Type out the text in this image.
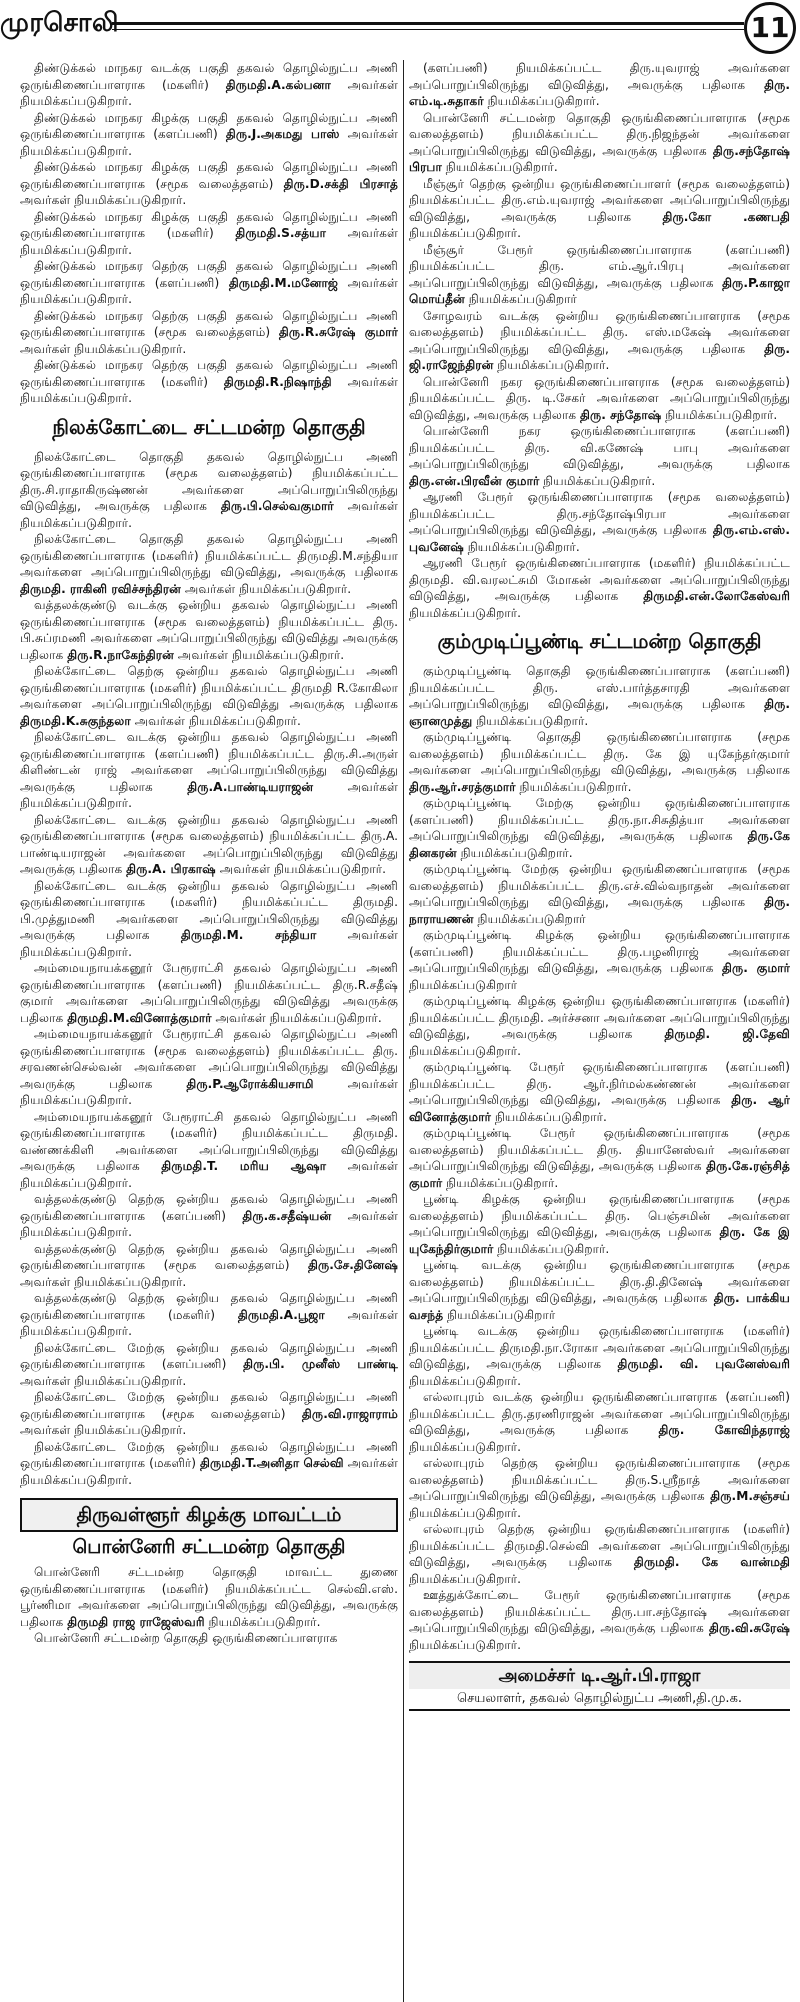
முரசொலி	11

திண்டுக்கல் மாநகர வடக்கு பகுதி தகவல் தொழில்நுட்ப அணி ஒருங்கிணைப்பாளராக (மகளிர்) திருமதி.A.கல்பனா அவர்கள் நியமிக்கப்படுகிறார்.

திண்டுக்கல் மாநகர கிழக்கு பகுதி தகவல் தொழில்நுட்ப அணி ஒருங்கிணைப்பாளராக (களப்பணி) திரு.J.அகமது பாஸ் அவர்கள் நியமிக்கப்படுகிறார்.

திண்டுக்கல் மாநகர கிழக்கு பகுதி தகவல் தொழில்நுட்ப அணி ஒருங்கிணைப்பாளராக (சமூக வலைத்தளம்) திரு.D.சக்தி பிரசாத் அவர்கள் நியமிக்கப்படுகிறார்.

திண்டுக்கல் மாநகர கிழக்கு பகுதி தகவல் தொழில்நுட்ப அணி ஒருங்கிணைப்பாளராக (மகளிர்) திருமதி.S.சத்யா அவர்கள் நியமிக்கப்படுகிறார்.

திண்டுக்கல் மாநகர தெற்கு பகுதி தகவல் தொழில்நுட்ப அணி ஒருங்கிணைப்பாளராக (களப்பணி) திருமதி.M.மனோஜ் அவர்கள் நியமிக்கப்படுகிறார்.

திண்டுக்கல் மாநகர தெற்கு பகுதி தகவல் தொழில்நுட்ப அணி ஒருங்கிணைப்பாளராக (சமூக வலைத்தளம்) திரு.R.சுரேஷ் குமார் அவர்கள் நியமிக்கப்படுகிறார்.

திண்டுக்கல் மாநகர தெற்கு பகுதி தகவல் தொழில்நுட்ப அணி ஒருங்கிணைப்பாளராக (மகளிர்) திருமதி.R.நிஷாந்தி அவர்கள் நியமிக்கப்படுகிறார்.

நிலக்கோட்டை சட்டமன்ற தொகுதி

நிலக்கோட்டை தொகுதி தகவல் தொழில்நுட்ப அணி ஒருங்கிணைப்பாளராக (சமூக வலைத்தளம்) நியமிக்கப்பட்ட திரு.சி.ராதாகிருஷ்ணன் அவர்களை அப்பொறுப்பிலிருந்து விடுவித்து, அவருக்கு பதிலாக திரு.பி.செல்வகுமார் அவர்கள் நியமிக்கப்படுகிறார்.

நிலக்கோட்டை தொகுதி தகவல் தொழில்நுட்ப அணி ஒருங்கிணைப்பாளராக (மகளிர்) நியமிக்கப்பட்ட திருமதி.M.சந்தியா அவர்களை அப்பொறுப்பிலிருந்து விடுவித்து, அவருக்கு பதிலாக திருமதி. ராகினி ரவிச்சந்திரன் அவர்கள் நியமிக்கப்படுகிறார்.

வத்தலக்குண்டு வடக்கு ஒன்றிய தகவல் தொழில்நுட்ப அணி ஒருங்கிணைப்பாளராக (சமூக வலைத்தளம்) நியமிக்கப்பட்ட திரு. பி.சுப்ரமணி அவர்களை அப்பொறுப்பிலிருந்து விடுவித்து அவருக்கு பதிலாக திரு.R.நாகேந்திரன் அவர்கள் நியமிக்கப்படுகிறார்.

நிலக்கோட்டை தெற்கு ஒன்றிய தகவல் தொழில்நுட்ப அணி ஒருங்கிணைப்பாளராக (மகளிர்) நியமிக்கப்பட்ட திருமதி R.கோகிலா அவர்களை அப்பொறுப்பிலிருந்து விடுவித்து அவருக்கு பதிலாக திருமதி.K.சுகுந்தலா அவர்கள் நியமிக்கப்படுகிறார்.

நிலக்கோட்டை வடக்கு ஒன்றிய தகவல் தொழில்நுட்ப அணி ஒருங்கிணைப்பாளராக (களப்பணி) நியமிக்கப்பட்ட திரு.சி.அருள் கிளிண்டன் ராஜ் அவர்களை அப்பொறுப்பிலிருந்து விடுவித்து அவருக்கு பதிலாக திரு.A.பாண்டியராஜன் அவர்கள் நியமிக்கப்படுகிறார்.

நிலக்கோட்டை வடக்கு ஒன்றிய தகவல் தொழில்நுட்ப அணி ஒருங்கிணைப்பாளராக (சமூக வலைத்தளம்) நியமிக்கப்பட்ட திரு.A. பாண்டியராஜன் அவர்களை அப்பொறுப்பிலிருந்து விடுவித்து அவருக்கு பதிலாக திரு.A. பிரகாஷ் அவர்கள் நியமிக்கப்படுகிறார்.

நிலக்கோட்டை வடக்கு ஒன்றிய தகவல் தொழில்நுட்ப அணி ஒருங்கிணைப்பாளராக (மகளிர்) நியமிக்கப்பட்ட திருமதி. பி.முத்துமணி அவர்களை அப்பொறுப்பிலிருந்து விடுவித்து அவருக்கு பதிலாக திருமதி.M. சந்தியா அவர்கள் நியமிக்கப்படுகிறார்.

அம்மையநாயக்கனூர் பேரூராட்சி தகவல் தொழில்நுட்ப அணி ஒருங்கிணைப்பாளராக (களப்பணி) நியமிக்கப்பட்ட திரு.R.சதீஷ் குமார் அவர்களை அப்பொறுப்பிலிருந்து விடுவித்து அவருக்கு பதிலாக திருமதி.M.வினோத்குமார் அவர்கள் நியமிக்கப்படுகிறார்.

அம்மையநாயக்கனூர் பேரூராட்சி தகவல் தொழில்நுட்ப அணி ஒருங்கிணைப்பாளராக (சமூக வலைத்தளம்) நியமிக்கப்பட்ட திரு. சரவணன்செல்வன் அவர்களை அப்பொறுப்பிலிருந்து விடுவித்து அவருக்கு பதிலாக திரு.P.ஆரோக்கியசாமி அவர்கள் நியமிக்கப்படுகிறார்.

அம்மையநாயக்கனூர் பேரூராட்சி தகவல் தொழில்நுட்ப அணி ஒருங்கிணைப்பாளராக (மகளிர்) நியமிக்கப்பட்ட திருமதி. வண்ணக்கிளி அவர்களை அப்பொறுப்பிலிருந்து விடுவித்து அவருக்கு பதிலாக திருமதி.T. மரிய ஆஷா அவர்கள் நியமிக்கப்படுகிறார்.

வத்தலக்குண்டு தெற்கு ஒன்றிய தகவல் தொழில்நுட்ப அணி ஒருங்கிணைப்பாளராக (களப்பணி) திரு.க.சதீஷ்யன் அவர்கள் நியமிக்கப்படுகிறார்.

வத்தலக்குண்டு தெற்கு ஒன்றிய தகவல் தொழில்நுட்ப அணி ஒருங்கிணைப்பாளராக (சமூக வலைத்தளம்) திரு.சே.தினேஷ் அவர்கள் நியமிக்கப்படுகிறார்.

வத்தலக்குண்டு தெற்கு ஒன்றிய தகவல் தொழில்நுட்ப அணி ஒருங்கிணைப்பாளராக (மகளிர்) திருமதி.A.பூஜா அவர்கள் நியமிக்கப்படுகிறார்.

நிலக்கோட்டை மேற்கு ஒன்றிய தகவல் தொழில்நுட்ப அணி ஒருங்கிணைப்பாளராக (களப்பணி) திரு.பி. முனீஸ் பாண்டி அவர்கள் நியமிக்கப்படுகிறார்.

நிலக்கோட்டை மேற்கு ஒன்றிய தகவல் தொழில்நுட்ப அணி ஒருங்கிணைப்பாளராக (சமூக வலைத்தளம்) திரு.வி.ராஜாராம் அவர்கள் நியமிக்கப்படுகிறார்.

நிலக்கோட்டை மேற்கு ஒன்றிய தகவல் தொழில்நுட்ப அணி ஒருங்கிணைப்பாளராக (மகளிர்) திருமதி.T.அனிதா செல்வி அவர்கள் நியமிக்கப்படுகிறார்.

திருவள்ளூர் கிழக்கு மாவட்டம்
பொன்னேரி சட்டமன்ற தொகுதி

பொன்னேரி சட்டமன்ற தொகுதி மாவட்ட துணை ஒருங்கிணைப்பாளராக (மகளிர்) நியமிக்கப்பட்ட செல்வி.எஸ். பூர்ணிமா அவர்களை அப்பொறுப்பிலிருந்து விடுவித்து, அவருக்கு பதிலாக திருமதி ராஜ ராஜேஸ்வரி நியமிக்கப்படுகிறார்.

பொன்னேரி சட்டமன்ற தொகுதி ஒருங்கிணைப்பாளராக

(களப்பணி) நியமிக்கப்பட்ட திரு.யுவராஜ் அவர்களை அப்பொறுப்பிலிருந்து விடுவித்து, அவருக்கு பதிலாக திரு. எம்.டி.சுதாகர் நியமிக்கப்படுகிறார்.

பொன்னேரி சட்டமன்ற தொகுதி ஒருங்கிணைப்பாளராக (சமூக வலைத்தளம்) நியமிக்கப்பட்ட திரு.நிஜந்தன் அவர்களை அப்பொறுப்பிலிருந்து விடுவித்து, அவருக்கு பதிலாக திரு.சந்தோஷ் பிரபா நியமிக்கப்படுகிறார்.

மீஞ்சூர் தெற்கு ஒன்றிய ஒருங்கிணைப்பாளர் (சமூக வலைத்தளம்) நியமிக்கப்பட்ட திரு.எம்.யுவராஜ் அவர்களை அப்பொறுப்பிலிருந்து விடுவித்து, அவருக்கு பதிலாக திரு.கோ .கணபதி நியமிக்கப்படுகிறார்.

மீஞ்சூர் பேரூர் ஒருங்கிணைப்பாளராக (களப்பணி) நியமிக்கப்பட்ட திரு. எம்.ஆர்.பிரபு அவர்களை அப்பொறுப்பிலிருந்து விடுவித்து, அவருக்கு பதிலாக திரு.P.காஜா மொய்தீன் நியமிக்கப்படுகிறார்

சோழவரம் வடக்கு ஒன்றிய ஒருங்கிணைப்பாளராக (சமூக வலைத்தளம்) நியமிக்கப்பட்ட திரு. எஸ்.மகேஷ் அவர்களை அப்பொறுப்பிலிருந்து விடுவித்து, அவருக்கு பதிலாக திரு. ஜி.ராஜேந்திரன் நியமிக்கப்படுகிறார்.

பொன்னேரி நகர ஒருங்கிணைப்பாளராக (சமூக வலைத்தளம்) நியமிக்கப்பட்ட திரு. டி.சேகர் அவர்களை அப்பொறுப்பிலிருந்து விடுவித்து, அவருக்கு பதிலாக திரு. சந்தோஷ் நியமிக்கப்படுகிறார்.

பொன்னேரி நகர ஒருங்கிணைப்பாளராக (களப்பணி) நியமிக்கப்பட்ட திரு. வி.கணேஷ் பாபு அவர்களை அப்பொறுப்பிலிருந்து விடுவித்து, அவருக்கு பதிலாக திரு.என்.பிரவீன் குமார் நியமிக்கப்படுகிறார்.

ஆரணி பேரூர் ஒருங்கிணைப்பாளராக (சமூக வலைத்தளம்) நியமிக்கப்பட்ட திரு.சந்தோஷ்பிரபா அவர்களை அப்பொறுப்பிலிருந்து விடுவித்து, அவருக்கு பதிலாக திரு.எம்.எஸ். புவனேஷ் நியமிக்கப்படுகிறார்.

ஆரணி பேரூர் ஒருங்கிணைப்பாளராக (மகளிர்) நியமிக்கப்பட்ட திருமதி. வி.வரலட்சுமி மோகன் அவர்களை அப்பொறுப்பிலிருந்து விடுவித்து, அவருக்கு பதிலாக திருமதி.என்.லோகேஸ்வரி நியமிக்கப்படுகிறார்.

கும்முடிப்பூண்டி சட்டமன்ற தொகுதி

கும்முடிப்பூண்டி தொகுதி ஒருங்கிணைப்பாளராக (களப்பணி) நியமிக்கப்பட்ட திரு. எஸ்.பார்த்தசாரதி அவர்களை அப்பொறுப்பிலிருந்து விடுவித்து, அவருக்கு பதிலாக திரு. ஞானமுத்து நியமிக்கப்படுகிறார்.

கும்முடிப்பூண்டி தொகுதி ஒருங்கிணைப்பாளராக (சமூக வலைத்தளம்) நியமிக்கப்பட்ட திரு. கே இ யுகேந்தர்குமார் அவர்களை அப்பொறுப்பிலிருந்து விடுவித்து, அவருக்கு பதிலாக திரு.ஆர்.சரத்குமார் நியமிக்கப்படுகிறார்.

கும்முடிப்பூண்டி மேற்கு ஒன்றிய ஒருங்கிணைப்பாளராக (களப்பணி) நியமிக்கப்பட்ட திரு.நா.சிசுதித்யா அவர்களை அப்பொறுப்பிலிருந்து விடுவித்து, அவருக்கு பதிலாக திரு.கே தினகரன் நியமிக்கப்படுகிறார்.

கும்முடிப்பூண்டி மேற்கு ஒன்றிய ஒருங்கிணைப்பாளராக (சமூக வலைத்தளம்) நியமிக்கப்பட்ட திரு.எச்.வில்வநாதன் அவர்களை அப்பொறுப்பிலிருந்து விடுவித்து, அவருக்கு பதிலாக திரு. நாராயணன் நியமிக்கப்படுகிறார்

கும்முடிப்பூண்டி கிழக்கு ஒன்றிய ஒருங்கிணைப்பாளராக (களப்பணி) நியமிக்கப்பட்ட திரு.பழனிராஜ் அவர்களை அப்பொறுப்பிலிருந்து விடுவித்து, அவருக்கு பதிலாக திரு. குமார் நியமிக்கப்படுகிறார்

கும்முடிப்பூண்டி கிழக்கு ஒன்றிய ஒருங்கிணைப்பாளராக (மகளிர்) நியமிக்கப்பட்ட திருமதி. அர்ச்சனா அவர்களை அப்பொறுப்பிலிருந்து விடுவித்து, அவருக்கு பதிலாக திருமதி. ஜி.தேவி நியமிக்கப்படுகிறார்.

கும்முடிப்பூண்டி பேரூர் ஒருங்கிணைப்பாளராக (களப்பணி) நியமிக்கப்பட்ட திரு. ஆர்.நிர்மல்கண்ணன் அவர்களை அப்பொறுப்பிலிருந்து விடுவித்து, அவருக்கு பதிலாக திரு. ஆர் வினோத்குமார் நியமிக்கப்படுகிறார்.

கும்முடிப்பூண்டி பேரூர் ஒருங்கிணைப்பாளராக (சமூக வலைத்தளம்) நியமிக்கப்பட்ட திரு. தியானேஸ்வர் அவர்களை அப்பொறுப்பிலிருந்து விடுவித்து, அவருக்கு பதிலாக திரு.கே.ரஞ்சித் குமார் நியமிக்கப்படுகிறார்.

பூண்டி கிழக்கு ஒன்றிய ஒருங்கிணைப்பாளராக (சமூக வலைத்தளம்) நியமிக்கப்பட்ட திரு. பெஞ்சமின் அவர்களை அப்பொறுப்பிலிருந்து விடுவித்து, அவருக்கு பதிலாக திரு. கே இ யுகேந்திர்குமார் நியமிக்கப்படுகிறார்.

பூண்டி வடக்கு ஒன்றிய ஒருங்கிணைப்பாளராக (சமூக வலைத்தளம்) நியமிக்கப்பட்ட திரு.தி.தினேஷ் அவர்களை அப்பொறுப்பிலிருந்து விடுவித்து, அவருக்கு பதிலாக திரு. பாக்கிய வசந்த் நியமிக்கப்படுகிறார்

பூண்டி வடக்கு ஒன்றிய ஒருங்கிணைப்பாளராக (மகளிர்) நியமிக்கப்பட்ட திருமதி.நா.ரோகா அவர்களை அப்பொறுப்பிலிருந்து விடுவித்து, அவருக்கு பதிலாக திருமதி. வி. புவனேஸ்வரி நியமிக்கப்படுகிறார்.

எல்லாபுரம் வடக்கு ஒன்றிய ஒருங்கிணைப்பாளராக (களப்பணி) நியமிக்கப்பட்ட திரு.தரணிராஜன் அவர்களை அப்பொறுப்பிலிருந்து விடுவித்து, அவருக்கு பதிலாக திரு. கோவிந்தராஜ் நியமிக்கப்படுகிறார்.

எல்லாபுரம் தெற்கு ஒன்றிய ஒருங்கிணைப்பாளராக (சமூக வலைத்தளம்) நியமிக்கப்பட்ட திரு.S.ஸ்ரீநாத் அவர்களை அப்பொறுப்பிலிருந்து விடுவித்து, அவருக்கு பதிலாக திரு.M.சஞ்சய் நியமிக்கப்படுகிறார்.

எல்லாபுரம் தெற்கு ஒன்றிய ஒருங்கிணைப்பாளராக (மகளிர்) நியமிக்கப்பட்ட திருமதி.செல்வி அவர்களை அப்பொறுப்பிலிருந்து விடுவித்து, அவருக்கு பதிலாக திருமதி. கே வான்மதி நியமிக்கப்படுகிறார்.

ஊத்துக்கோட்டை பேரூர் ஒருங்கிணைப்பாளராக (சமூக வலைத்தளம்) நியமிக்கப்பட்ட திரு.பா.சந்தோஷ் அவர்களை அப்பொறுப்பிலிருந்து விடுவித்து, அவருக்கு பதிலாக திரு.வி.சுரேஷ் நியமிக்கப்படுகிறார்.

அமைச்சர் டி.ஆர்.பி.ராஜா
செயலாளர், தகவல் தொழில்நுட்ப அணி,தி.மு.க.
